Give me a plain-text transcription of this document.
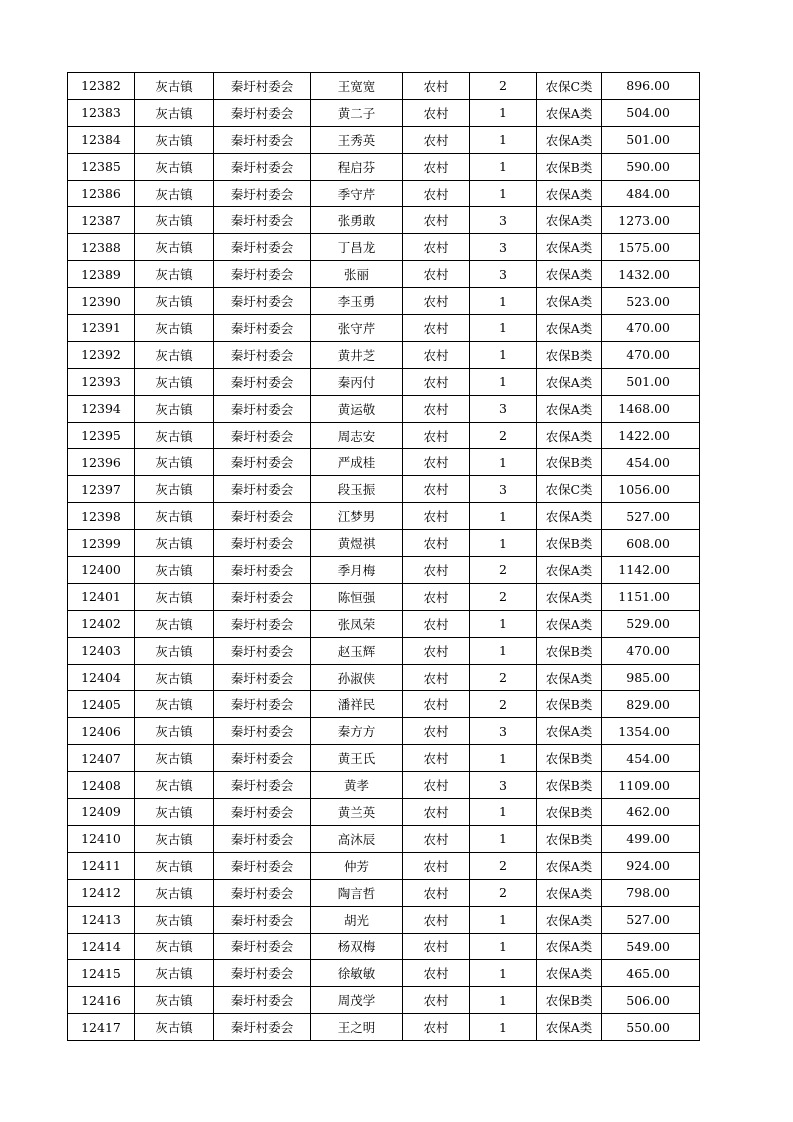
12382	灰古镇	秦圩村委会	王宽宽	农村	2	农保C类	896.00
12383	灰古镇	秦圩村委会	黄二子	农村	1	农保A类	504.00
12384	灰古镇	秦圩村委会	王秀英	农村	1	农保A类	501.00
12385	灰古镇	秦圩村委会	程启芬	农村	1	农保B类	590.00
12386	灰古镇	秦圩村委会	季守芹	农村	1	农保A类	484.00
12387	灰古镇	秦圩村委会	张勇敢	农村	3	农保A类	1273.00
12388	灰古镇	秦圩村委会	丁昌龙	农村	3	农保A类	1575.00
12389	灰古镇	秦圩村委会	张丽	农村	3	农保A类	1432.00
12390	灰古镇	秦圩村委会	李玉勇	农村	1	农保A类	523.00
12391	灰古镇	秦圩村委会	张守芹	农村	1	农保A类	470.00
12392	灰古镇	秦圩村委会	黄井芝	农村	1	农保B类	470.00
12393	灰古镇	秦圩村委会	秦丙付	农村	1	农保A类	501.00
12394	灰古镇	秦圩村委会	黄运敬	农村	3	农保A类	1468.00
12395	灰古镇	秦圩村委会	周志安	农村	2	农保A类	1422.00
12396	灰古镇	秦圩村委会	严成桂	农村	1	农保B类	454.00
12397	灰古镇	秦圩村委会	段玉振	农村	3	农保C类	1056.00
12398	灰古镇	秦圩村委会	江梦男	农村	1	农保A类	527.00
12399	灰古镇	秦圩村委会	黄煜祺	农村	1	农保B类	608.00
12400	灰古镇	秦圩村委会	季月梅	农村	2	农保A类	1142.00
12401	灰古镇	秦圩村委会	陈恒强	农村	2	农保A类	1151.00
12402	灰古镇	秦圩村委会	张凤荣	农村	1	农保A类	529.00
12403	灰古镇	秦圩村委会	赵玉辉	农村	1	农保B类	470.00
12404	灰古镇	秦圩村委会	孙淑侠	农村	2	农保A类	985.00
12405	灰古镇	秦圩村委会	潘祥民	农村	2	农保B类	829.00
12406	灰古镇	秦圩村委会	秦方方	农村	3	农保A类	1354.00
12407	灰古镇	秦圩村委会	黄王氏	农村	1	农保B类	454.00
12408	灰古镇	秦圩村委会	黄孝	农村	3	农保B类	1109.00
12409	灰古镇	秦圩村委会	黄兰英	农村	1	农保B类	462.00
12410	灰古镇	秦圩村委会	高沐辰	农村	1	农保B类	499.00
12411	灰古镇	秦圩村委会	仲芳	农村	2	农保A类	924.00
12412	灰古镇	秦圩村委会	陶言哲	农村	2	农保A类	798.00
12413	灰古镇	秦圩村委会	胡光	农村	1	农保A类	527.00
12414	灰古镇	秦圩村委会	杨双梅	农村	1	农保A类	549.00
12415	灰古镇	秦圩村委会	徐敏敏	农村	1	农保A类	465.00
12416	灰古镇	秦圩村委会	周茂学	农村	1	农保B类	506.00
12417	灰古镇	秦圩村委会	王之明	农村	1	农保A类	550.00
